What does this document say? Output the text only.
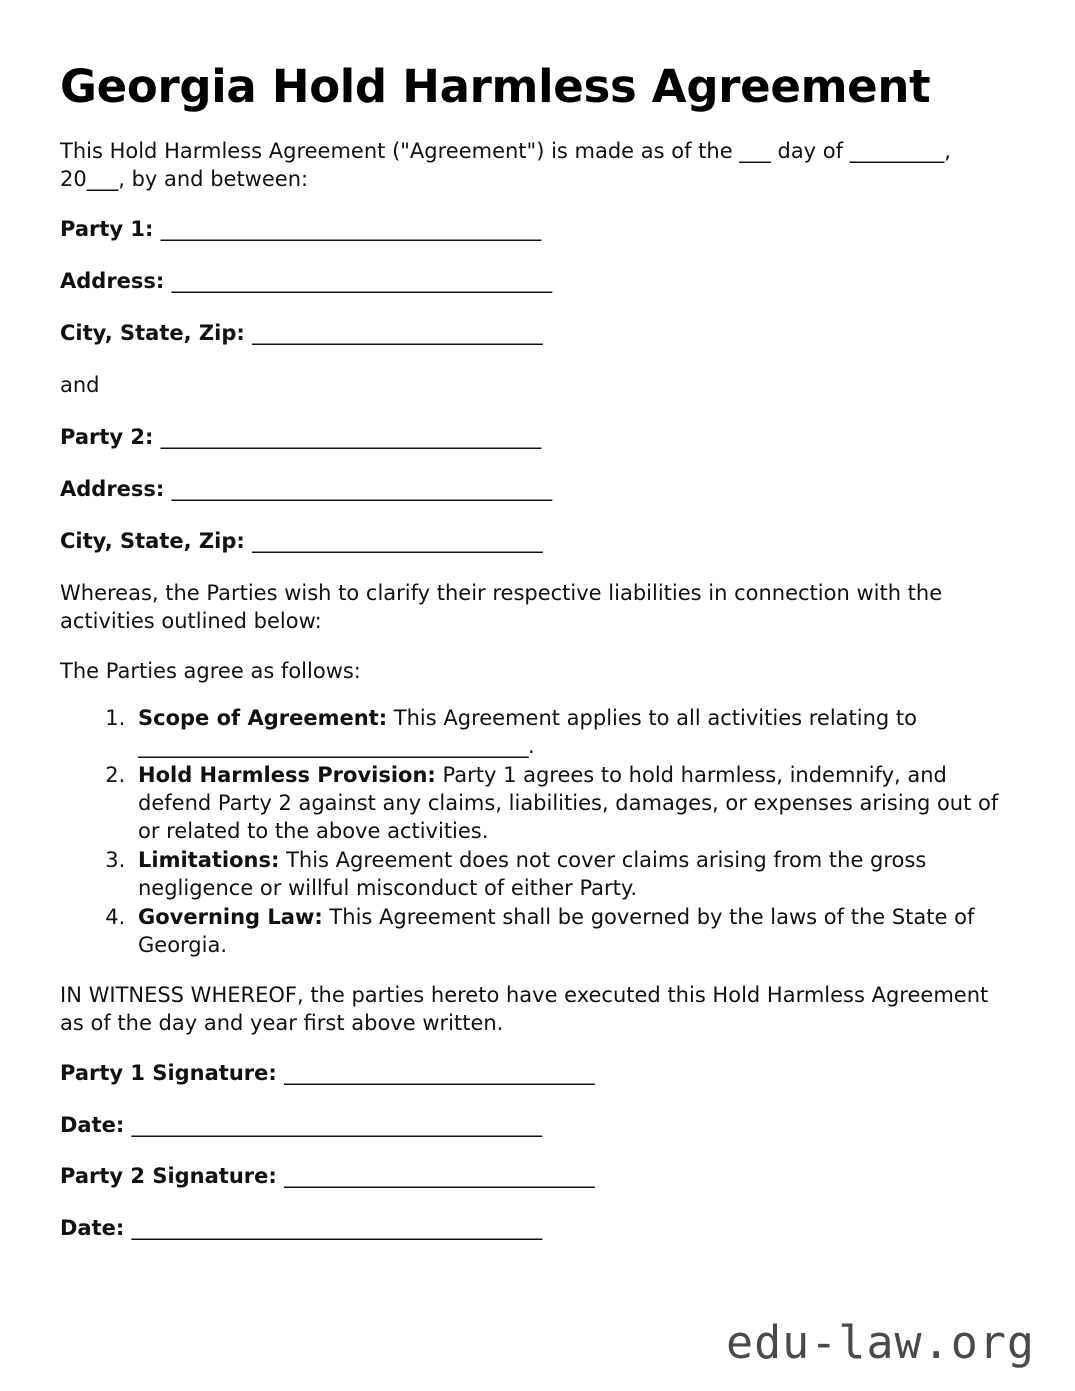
Georgia Hold Harmless Agreement

This Hold Harmless Agreement ("Agreement") is made as of the ___ day of _________, 20___, by and between:

Party 1: ______________________________________
Address: ______________________________________
City, State, Zip: _____________________________
and
Party 2: ______________________________________
Address: ______________________________________
City, State, Zip: _____________________________

Whereas, the Parties wish to clarify their respective liabilities in connection with the activities outlined below:

The Parties agree as follows:

1. Scope of Agreement: This Agreement applies to all activities relating to _______________________________________.
2. Hold Harmless Provision: Party 1 agrees to hold harmless, indemnify, and defend Party 2 against any claims, liabilities, damages, or expenses arising out of or related to the above activities.
3. Limitations: This Agreement does not cover claims arising from the gross negligence or willful misconduct of either Party.
4. Governing Law: This Agreement shall be governed by the laws of the State of Georgia.

IN WITNESS WHEREOF, the parties hereto have executed this Hold Harmless Agreement as of the day and year first above written.

Party 1 Signature: _______________________________
Date: _________________________________________
Party 2 Signature: _______________________________
Date: _________________________________________
edu-law.org
